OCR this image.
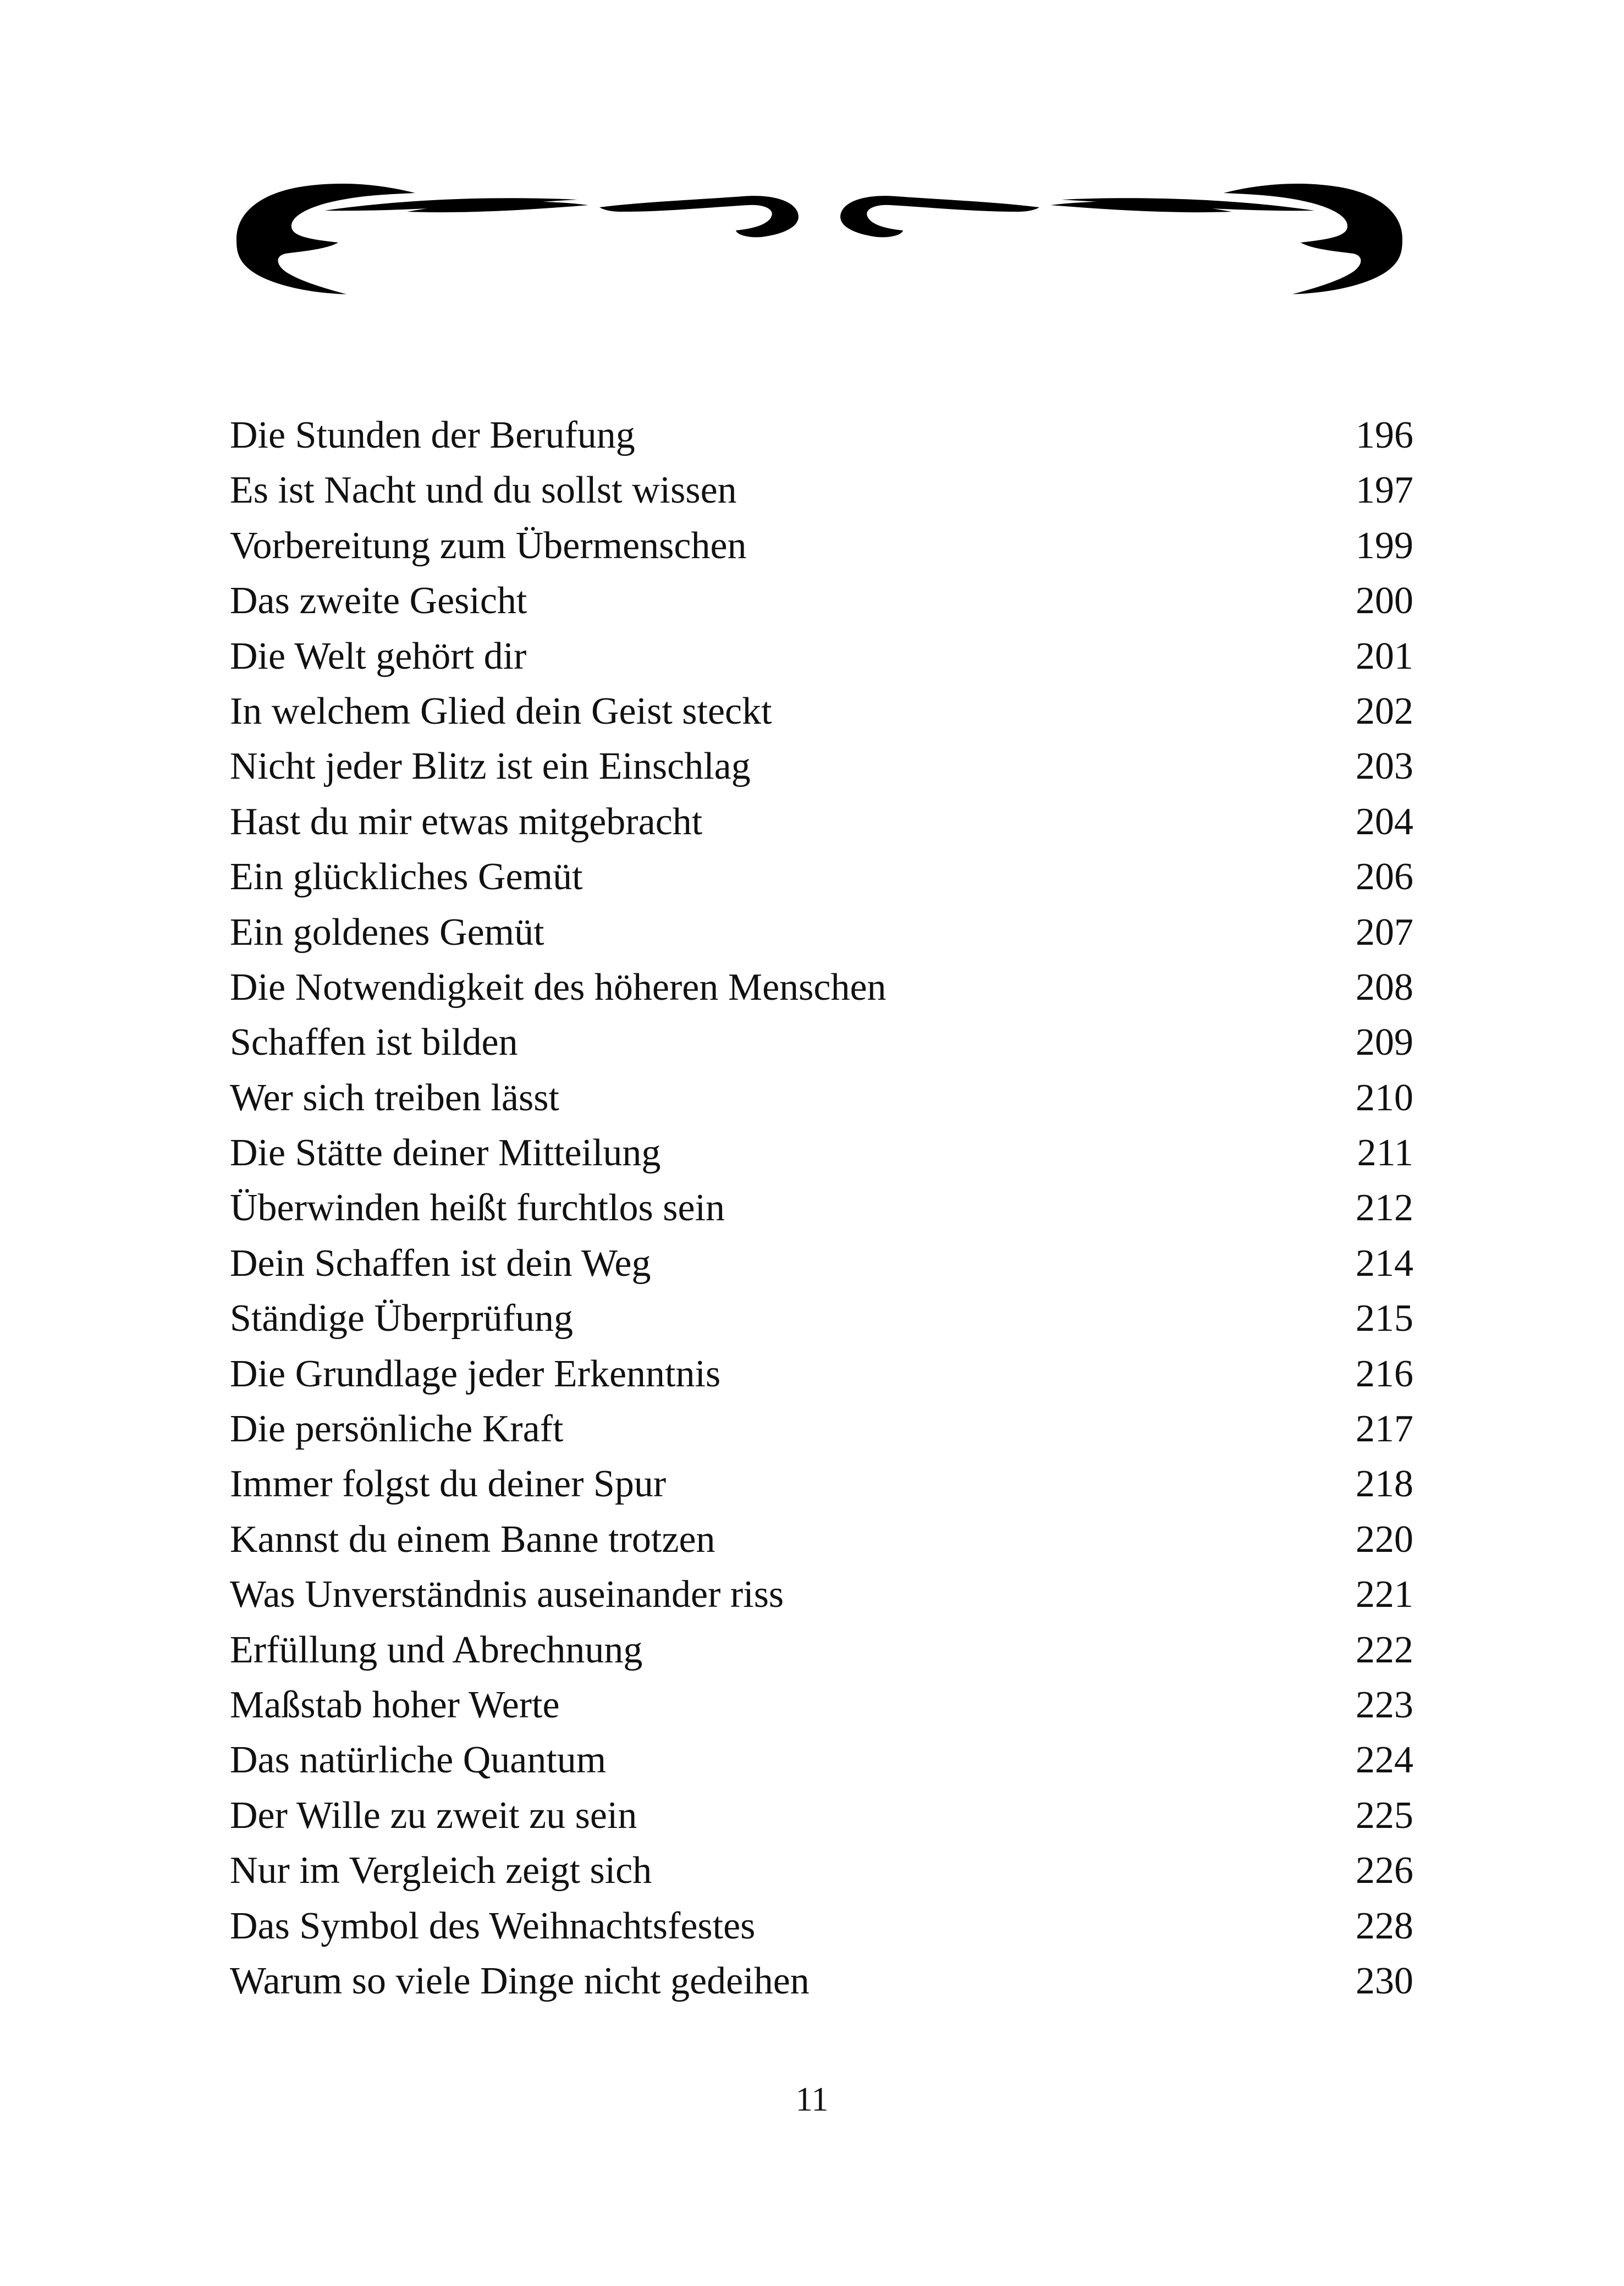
Die Stunden der Berufung	196
Es ist Nacht und du sollst wissen	197
Vorbereitung zum Übermenschen	199
Das zweite Gesicht	200
Die Welt gehört dir	201
In welchem Glied dein Geist steckt	202
Nicht jeder Blitz ist ein Einschlag	203
Hast du mir etwas mitgebracht	204
Ein glückliches Gemüt	206
Ein goldenes Gemüt	207
Die Notwendigkeit des höheren Menschen	208
Schaffen ist bilden	209
Wer sich treiben lässt	210
Die Stätte deiner Mitteilung	211
Überwinden heißt furchtlos sein	212
Dein Schaffen ist dein Weg	214
Ständige Überprüfung	215
Die Grundlage jeder Erkenntnis	216
Die persönliche Kraft	217
Immer folgst du deiner Spur	218
Kannst du einem Banne trotzen	220
Was Unverständnis auseinander riss	221
Erfüllung und Abrechnung	222
Maßstab hoher Werte	223
Das natürliche Quantum	224
Der Wille zu zweit zu sein	225
Nur im Vergleich zeigt sich	226
Das Symbol des Weihnachtsfestes	228
Warum so viele Dinge nicht gedeihen	230
11
